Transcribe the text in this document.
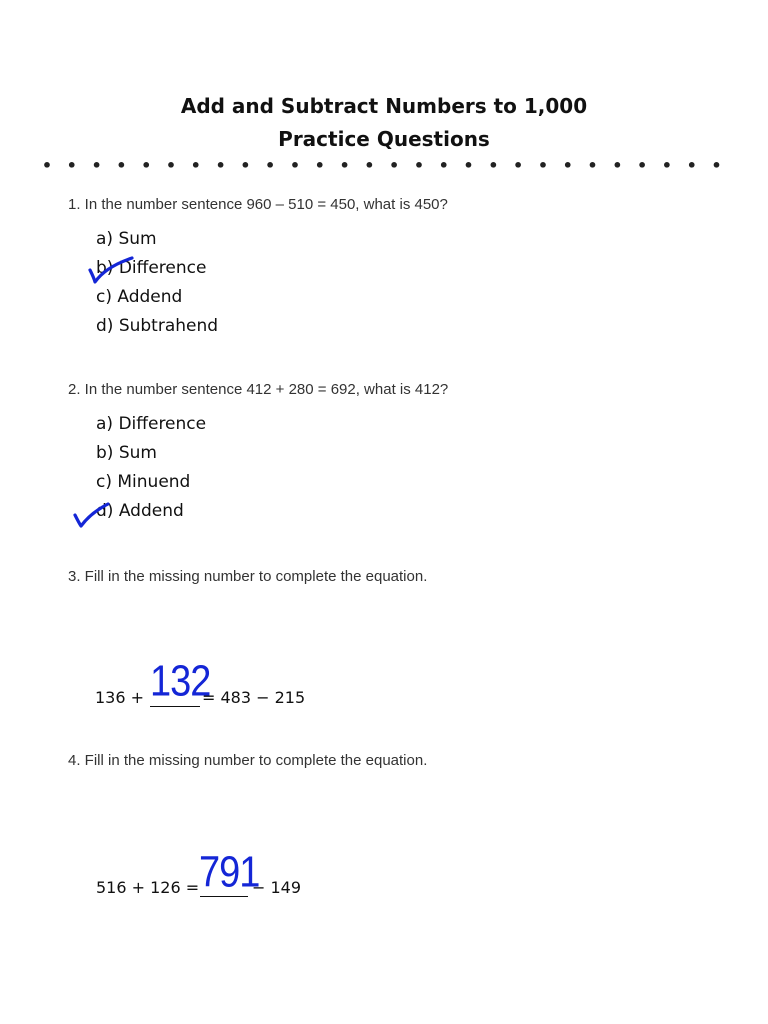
Add and Subtract Numbers to 1,000
Practice Questions
• • • • • • • • • • • • • • • • • • • • • • • • • • • •
1. In the number sentence 960 – 510 = 450, what is 450?
a) Sum
b) Difference
c) Addend
d) Subtrahend
2. In the number sentence 412 + 280 = 692, what is 412?
a) Difference
b) Sum
c) Minuend
d) Addend
3. Fill in the missing number to complete the equation.
136 + 132
= 483 − 215
4. Fill in the missing number to complete the equation.
516 + 126 = 791
− 149
